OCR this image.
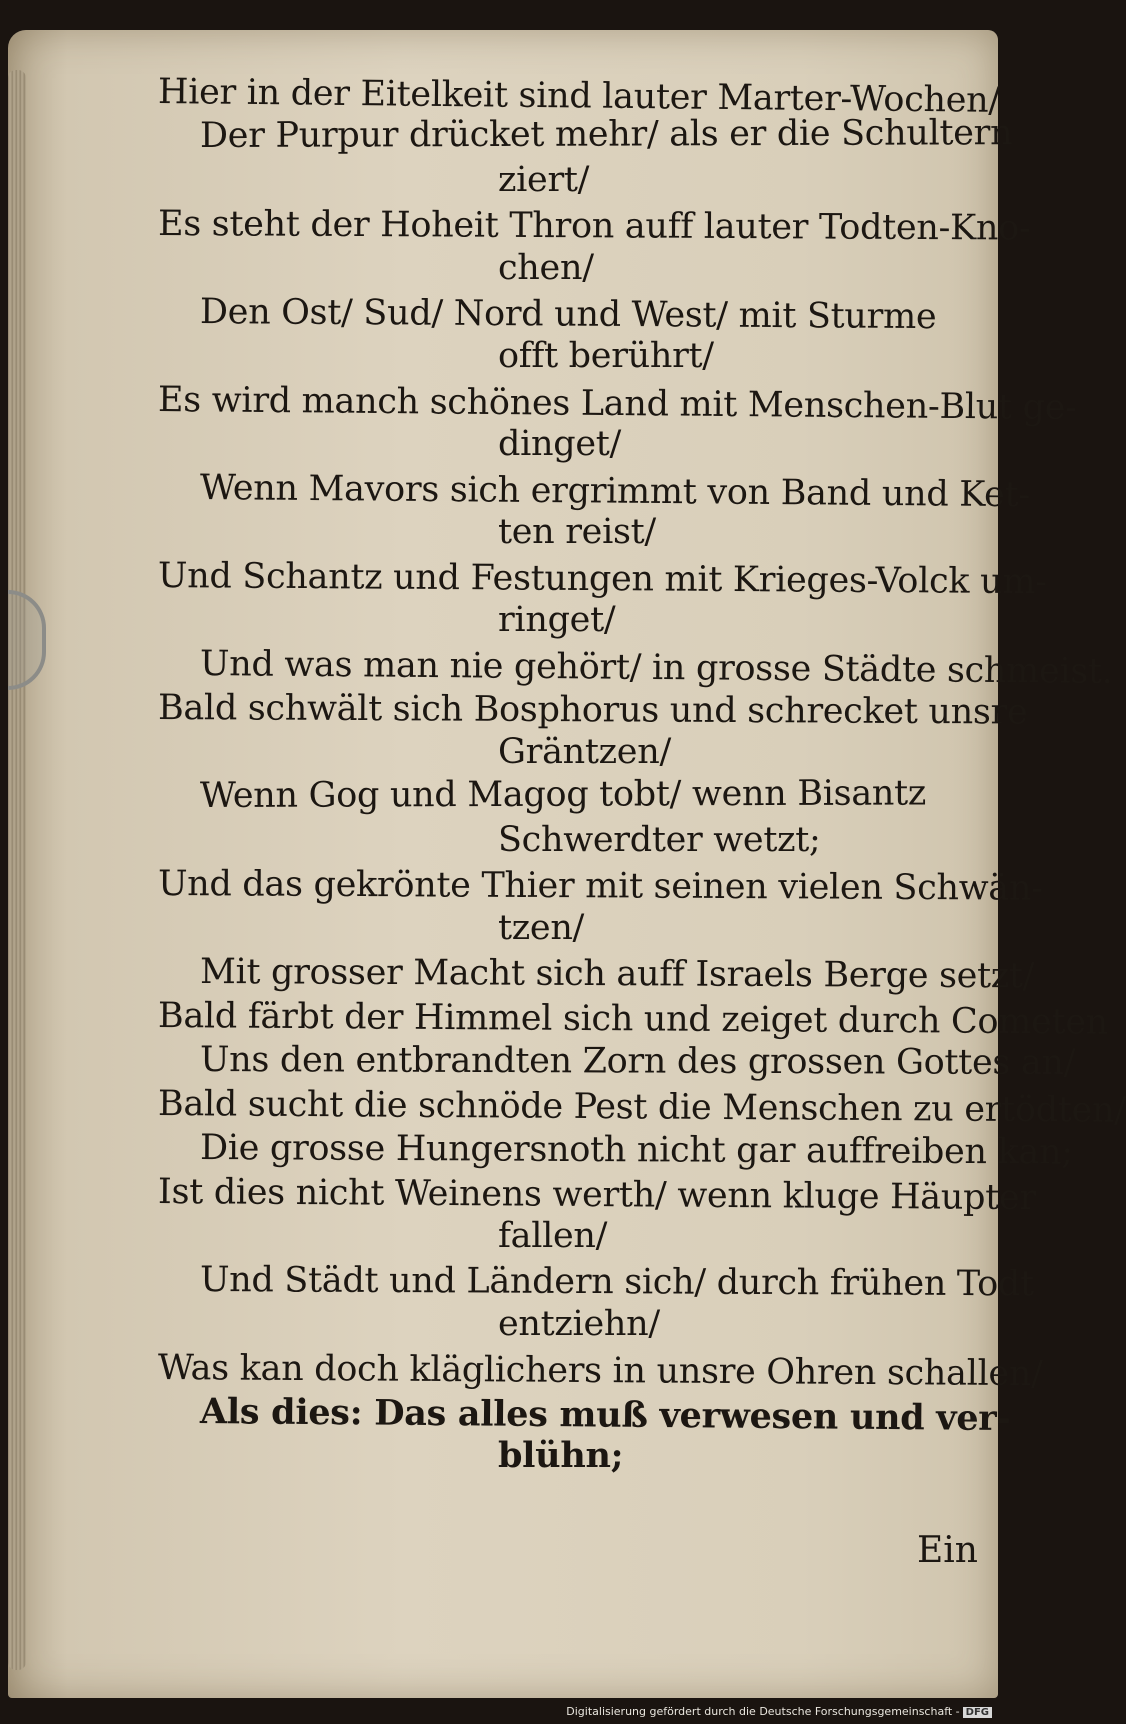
Hier in der Eitelkeit sind lauter Marter-Wochen/
Der Purpur drücket mehr/ als er die Schultern
ziert/
Es steht der Hoheit Thron auff lauter Todten-Kno-
chen/
Den Ost/ Sud/ Nord und West/ mit Sturme
offt berührt/
Es wird manch schönes Land mit Menschen-Blut ge-
dinget/
Wenn Mavors sich ergrimmt von Band und Ket-
ten reist/
Und Schantz und Festungen mit Krieges-Volck um-
ringet/
Und was man nie gehört/ in grosse Städte schmeist.
Bald schwält sich Bosphorus und schrecket unsre
Gräntzen/
Wenn Gog und Magog tobt/ wenn Bisantz
Schwerdter wetzt;
Und das gekrönte Thier mit seinen vielen Schwän-
tzen/
Mit grosser Macht sich auff Israels Berge setzt/
Bald färbt der Himmel sich und zeiget durch Cometen
Uns den entbrandten Zorn des grossen Gottes an/
Bald sucht die schnöde Pest die Menschen zu ertödten/
Die grosse Hungersnoth nicht gar auffreiben kan;
Ist dies nicht Weinens werth/ wenn kluge Häupter
fallen/
Und Städt und Ländern sich/ durch frühen Todt
entziehn/
Was kan doch kläglichers in unsre Ohren schallen/
Als dies: Das alles muß verwesen und ver-
blühn;
Ein
Digitalisierung gefördert durch die Deutsche Forschungsgemeinschaft - DFG
